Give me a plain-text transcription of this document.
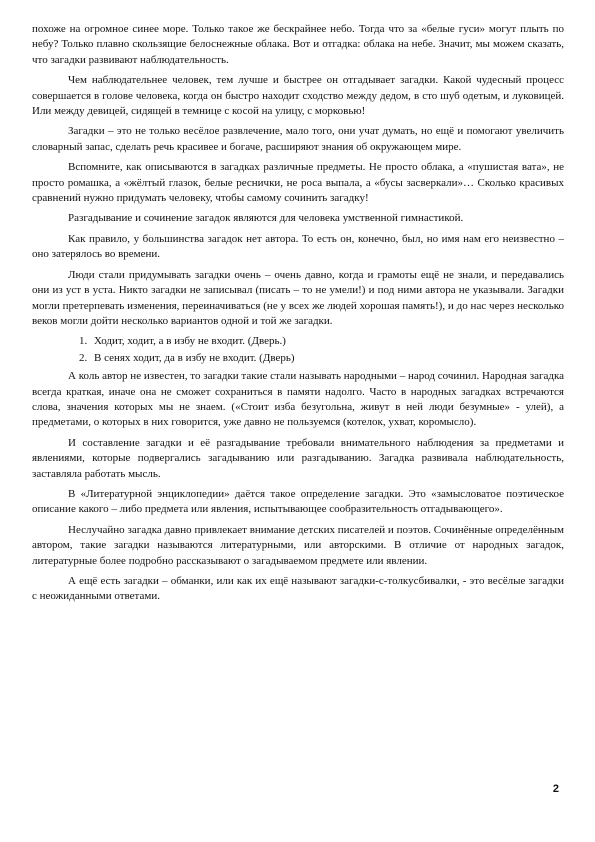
похоже на огромное синее море. Только такое же бескрайнее небо. Тогда что за «белые гуси» могут плыть по небу? Только плавно скользящие белоснежные облака. Вот и отгадка: облака на небе. Значит, мы можем сказать, что загадки развивают наблюдательность.

Чем наблюдательнее человек, тем лучше и быстрее он отгадывает загадки. Какой чудесный процесс совершается в голове человека, когда он быстро находит сходство между дедом, в сто шуб одетым, и луковицей. Или между девицей, сидящей в темнице с косой на улицу, с морковью!

Загадки – это не только весёлое развлечение, мало того, они учат думать, но ещё и помогают увеличить словарный запас, сделать речь красивее и богаче, расширяют знания об окружающем мире.

Вспомните, как описываются в загадках различные предметы. Не просто облака, а «пушистая вата», не просто ромашка, а «жёлтый глазок, белые реснички, не роса выпала, а «бусы засверкали»… Сколько красивых сравнений нужно придумать человеку, чтобы самому сочинить загадку!

Разгадывание и сочинение загадок являются для человека умственной гимнастикой.

Как правило, у большинства загадок нет автора. То есть он, конечно, был, но имя нам его неизвестно – оно затерялось во времени.

Люди стали придумывать загадки очень – очень давно, когда и грамоты ещё не знали, и передавались они из уст в уста. Никто загадки не записывал (писать – то не умели!) и под ними автора не указывали. Загадки могли претерпевать изменения, переиначиваться (не у всех же людей хорошая память!), и до нас через несколько веков могли дойти несколько вариантов одной и той же загадки.

1. Ходит, ходит, а в избу не входит. (Дверь.)
2. В сенях ходит, да в избу не входит. (Дверь)

А коль автор не известен, то загадки такие стали называть народными – народ сочинил. Народная загадка всегда краткая, иначе она не сможет сохраниться в памяти надолго. Часто в народных загадках встречаются слова, значения которых мы не знаем. («Стоит изба безугольна, живут в ней люди безумные» - улей), а предметами, о которых в них говорится, уже давно не пользуемся (котелок, ухват, коромысло).

И составление загадки и её разгадывание требовали внимательного наблюдения за предметами и явлениями, которые подвергались загадыванию или разгадыванию. Загадка развивала наблюдательность, заставляла работать мысль.

В «Литературной энциклопедии» даётся такое определение загадки. Это «замысловатое поэтическое описание какого – либо предмета или явления, испытывающее сообразительность отгадывающего».

Неслучайно загадка давно привлекает внимание детских писателей и поэтов. Сочинённые определённым автором, такие загадки называются литературными, или авторскими. В отличие от народных загадок, литературные более подробно рассказывают о загадываемом предмете или явлении.

А ещё есть загадки – обманки, или как их ещё называют загадки-с-толкусбивалки, - это весёлые загадки с неожиданными ответами.

2
